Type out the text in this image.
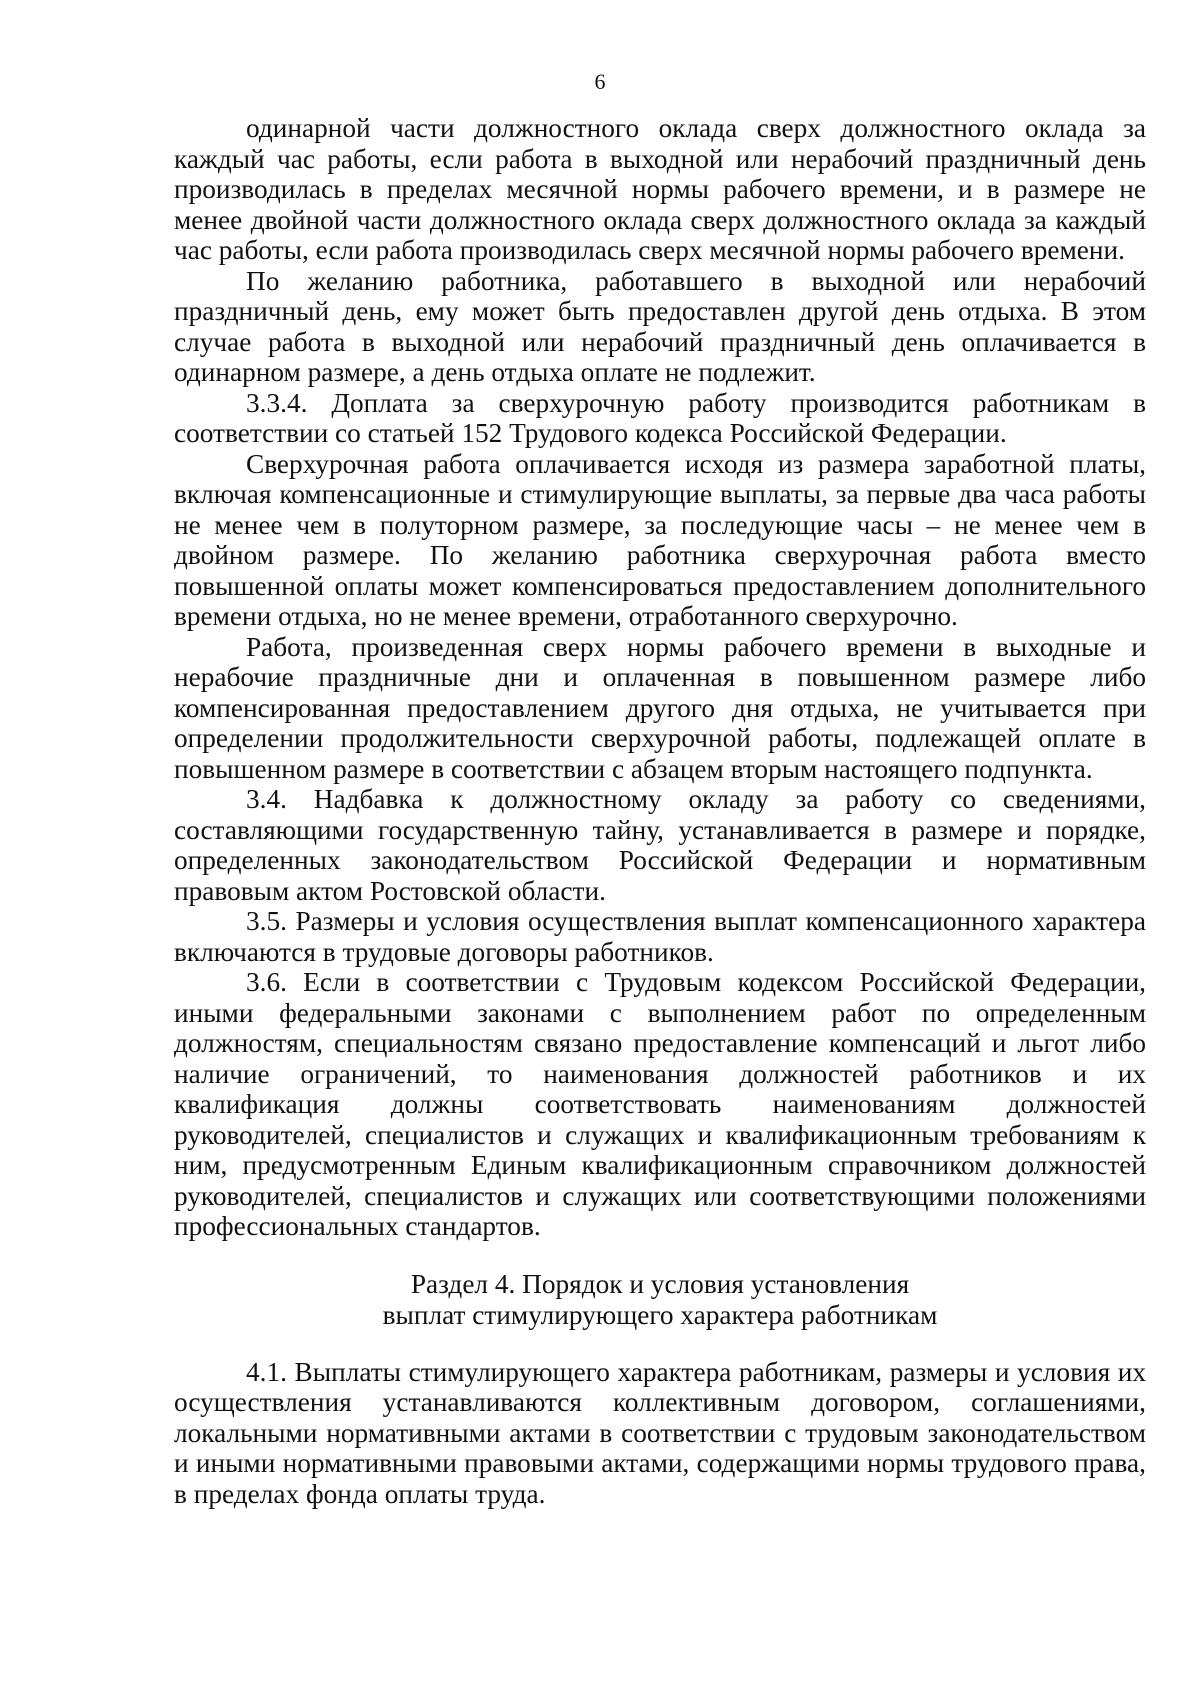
6

одинарной части должностного оклада сверх должностного оклада за каждый час работы, если работа в выходной или нерабочий праздничный день производилась в пределах месячной нормы рабочего времени, и в размере не менее двойной части должностного оклада сверх должностного оклада за каждый час работы, если работа производилась сверх месячной нормы рабочего времени.

По желанию работника, работавшего в выходной или нерабочий праздничный день, ему может быть предоставлен другой день отдыха. В этом случае работа в выходной или нерабочий праздничный день оплачивается в одинарном размере, а день отдыха оплате не подлежит.

3.3.4. Доплата за сверхурочную работу производится работникам в соответствии со статьей 152 Трудового кодекса Российской Федерации.

Сверхурочная работа оплачивается исходя из размера заработной платы, включая компенсационные и стимулирующие выплаты, за первые два часа работы не менее чем в полуторном размере, за последующие часы – не менее чем в двойном размере. По желанию работника сверхурочная работа вместо повышенной оплаты может компенсироваться предоставлением дополнительного времени отдыха, но не менее времени, отработанного сверхурочно.

Работа, произведенная сверх нормы рабочего времени в выходные и нерабочие праздничные дни и оплаченная в повышенном размере либо компенсированная предоставлением другого дня отдыха, не учитывается при определении продолжительности сверхурочной работы, подлежащей оплате в повышенном размере в соответствии с абзацем вторым настоящего подпункта.

3.4. Надбавка к должностному окладу за работу со сведениями, составляющими государственную тайну, устанавливается в размере и порядке, определенных законодательством Российской Федерации и нормативным правовым актом Ростовской области.

3.5. Размеры и условия осуществления выплат компенсационного характера включаются в трудовые договоры работников.

3.6. Если в соответствии с Трудовым кодексом Российской Федерации, иными федеральными законами с выполнением работ по определенным должностям, специальностям связано предоставление компенсаций и льгот либо наличие ограничений, то наименования должностей работников и их квалификация должны соответствовать наименованиям должностей руководителей, специалистов и служащих и квалификационным требованиям к ним, предусмотренным Единым квалификационным справочником должностей руководителей, специалистов и служащих или соответствующими положениями профессиональных стандартов.

Раздел 4. Порядок и условия установления
выплат стимулирующего характера работникам

4.1. Выплаты стимулирующего характера работникам, размеры и условия их осуществления устанавливаются коллективным договором, соглашениями, локальными нормативными актами в соответствии с трудовым законодательством и иными нормативными правовыми актами, содержащими нормы трудового права, в пределах фонда оплаты труда.
